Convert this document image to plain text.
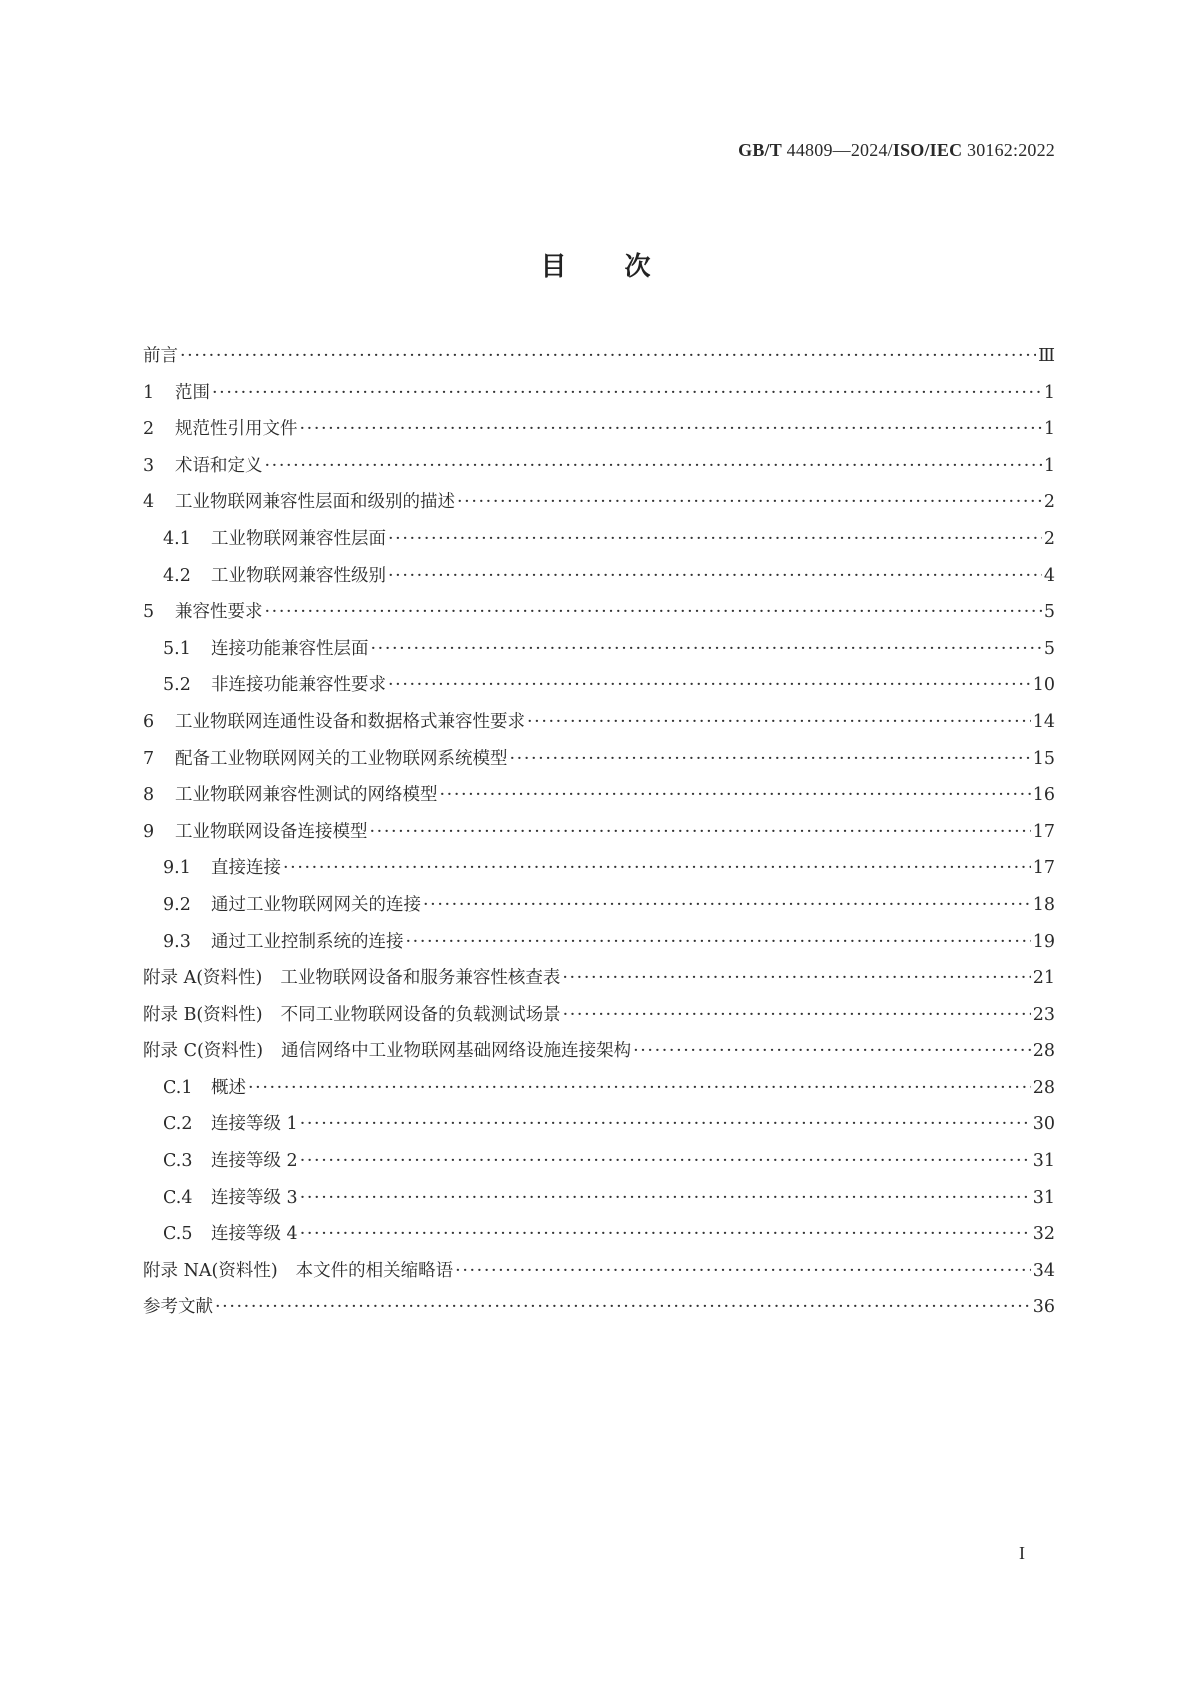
GB/T 44809—2024/ISO/IEC 30162:2022
目次
前言 ·····	Ⅲ
1	范围 ·····	1
2	规范性引用文件 ·····	1
3	术语和定义 ·····	1
4	工业物联网兼容性层面和级别的描述 ·····	2
4.1	工业物联网兼容性层面 ·····	2
4.2	工业物联网兼容性级别 ·····	4
5	兼容性要求 ·····	5
5.1	连接功能兼容性层面 ·····	5
5.2	非连接功能兼容性要求 ·····	10
6	工业物联网连通性设备和数据格式兼容性要求 ·····	14
7	配备工业物联网网关的工业物联网系统模型 ·····	15
8	工业物联网兼容性测试的网络模型 ·····	16
9	工业物联网设备连接模型 ·····	17
9.1	直接连接 ·····	17
9.2	通过工业物联网网关的连接 ·····	18
9.3	通过工业控制系统的连接 ·····	19
附录 A(资料性) 工业物联网设备和服务兼容性核查表 ·····	21
附录 B(资料性) 不同工业物联网设备的负载测试场景 ·····	23
附录 C(资料性) 通信网络中工业物联网基础网络设施连接架构 ·····	28
C.1	概述 ·····	28
C.2	连接等级 1 ·····	30
C.3	连接等级 2 ·····	31
C.4	连接等级 3 ·····	31
C.5	连接等级 4 ·····	32
附录 NA(资料性) 本文件的相关缩略语 ·····	34
参考文献 ·····	36
I
